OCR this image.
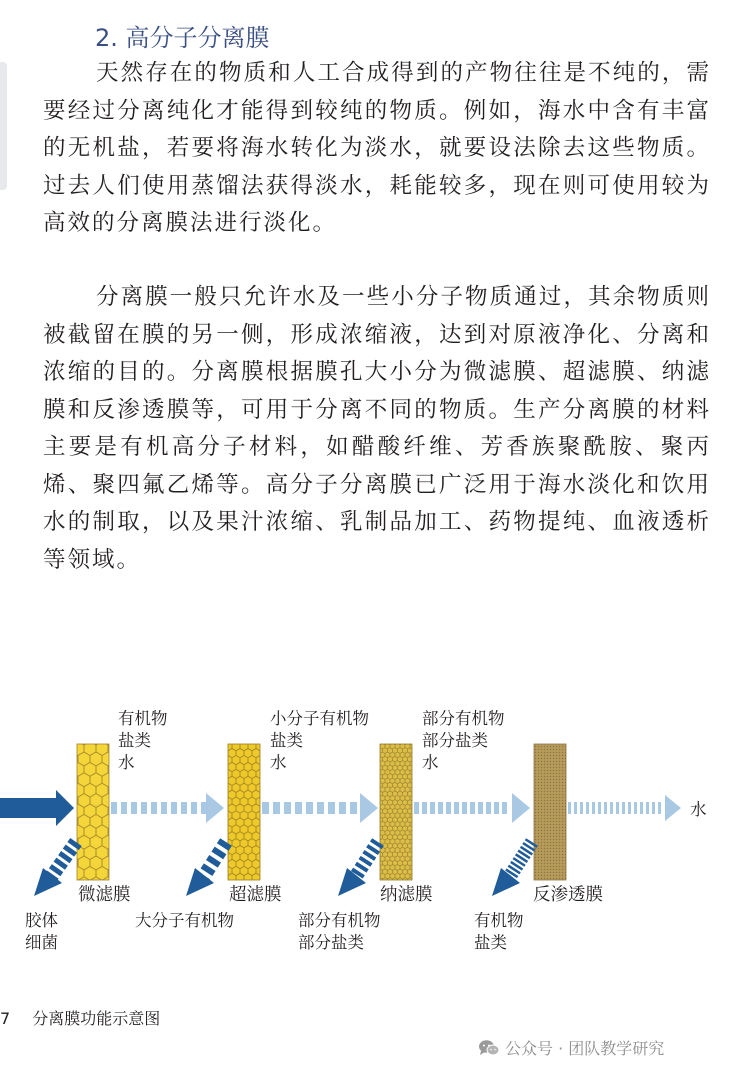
2. 高分子分离膜

天然存在的物质和人工合成得到的产物往往是不纯的，需要经过分离纯化才能得到较纯的物质。例如，海水中含有丰富的无机盐，若要将海水转化为淡水，就要设法除去这些物质。过去人们使用蒸馏法获得淡水，耗能较多，现在则可使用较为高效的分离膜法进行淡化。

分离膜一般只允许水及一些小分子物质通过，其余物质则被截留在膜的另一侧，形成浓缩液，达到对原液净化、分离和浓缩的目的。分离膜根据膜孔大小分为微滤膜、超滤膜、纳滤膜和反渗透膜等，可用于分离不同的物质。生产分离膜的材料主要是有机高分子材料，如醋酸纤维、芳香族聚酰胺、聚丙烯、聚四氟乙烯等。高分子分离膜已广泛用于海水淡化和饮用水的制取，以及果汁浓缩、乳制品加工、药物提纯、血液透析等领域。

有机物
盐类
水
小分子有机物
盐类
水
部分有机物
部分盐类
水
水
微滤膜	超滤膜	纳滤膜	反渗透膜
胶体
细菌
大分子有机物	部分有机物
部分盐类
有机物
盐类
7 分离膜功能示意图
公众号 · 团队教学研究
